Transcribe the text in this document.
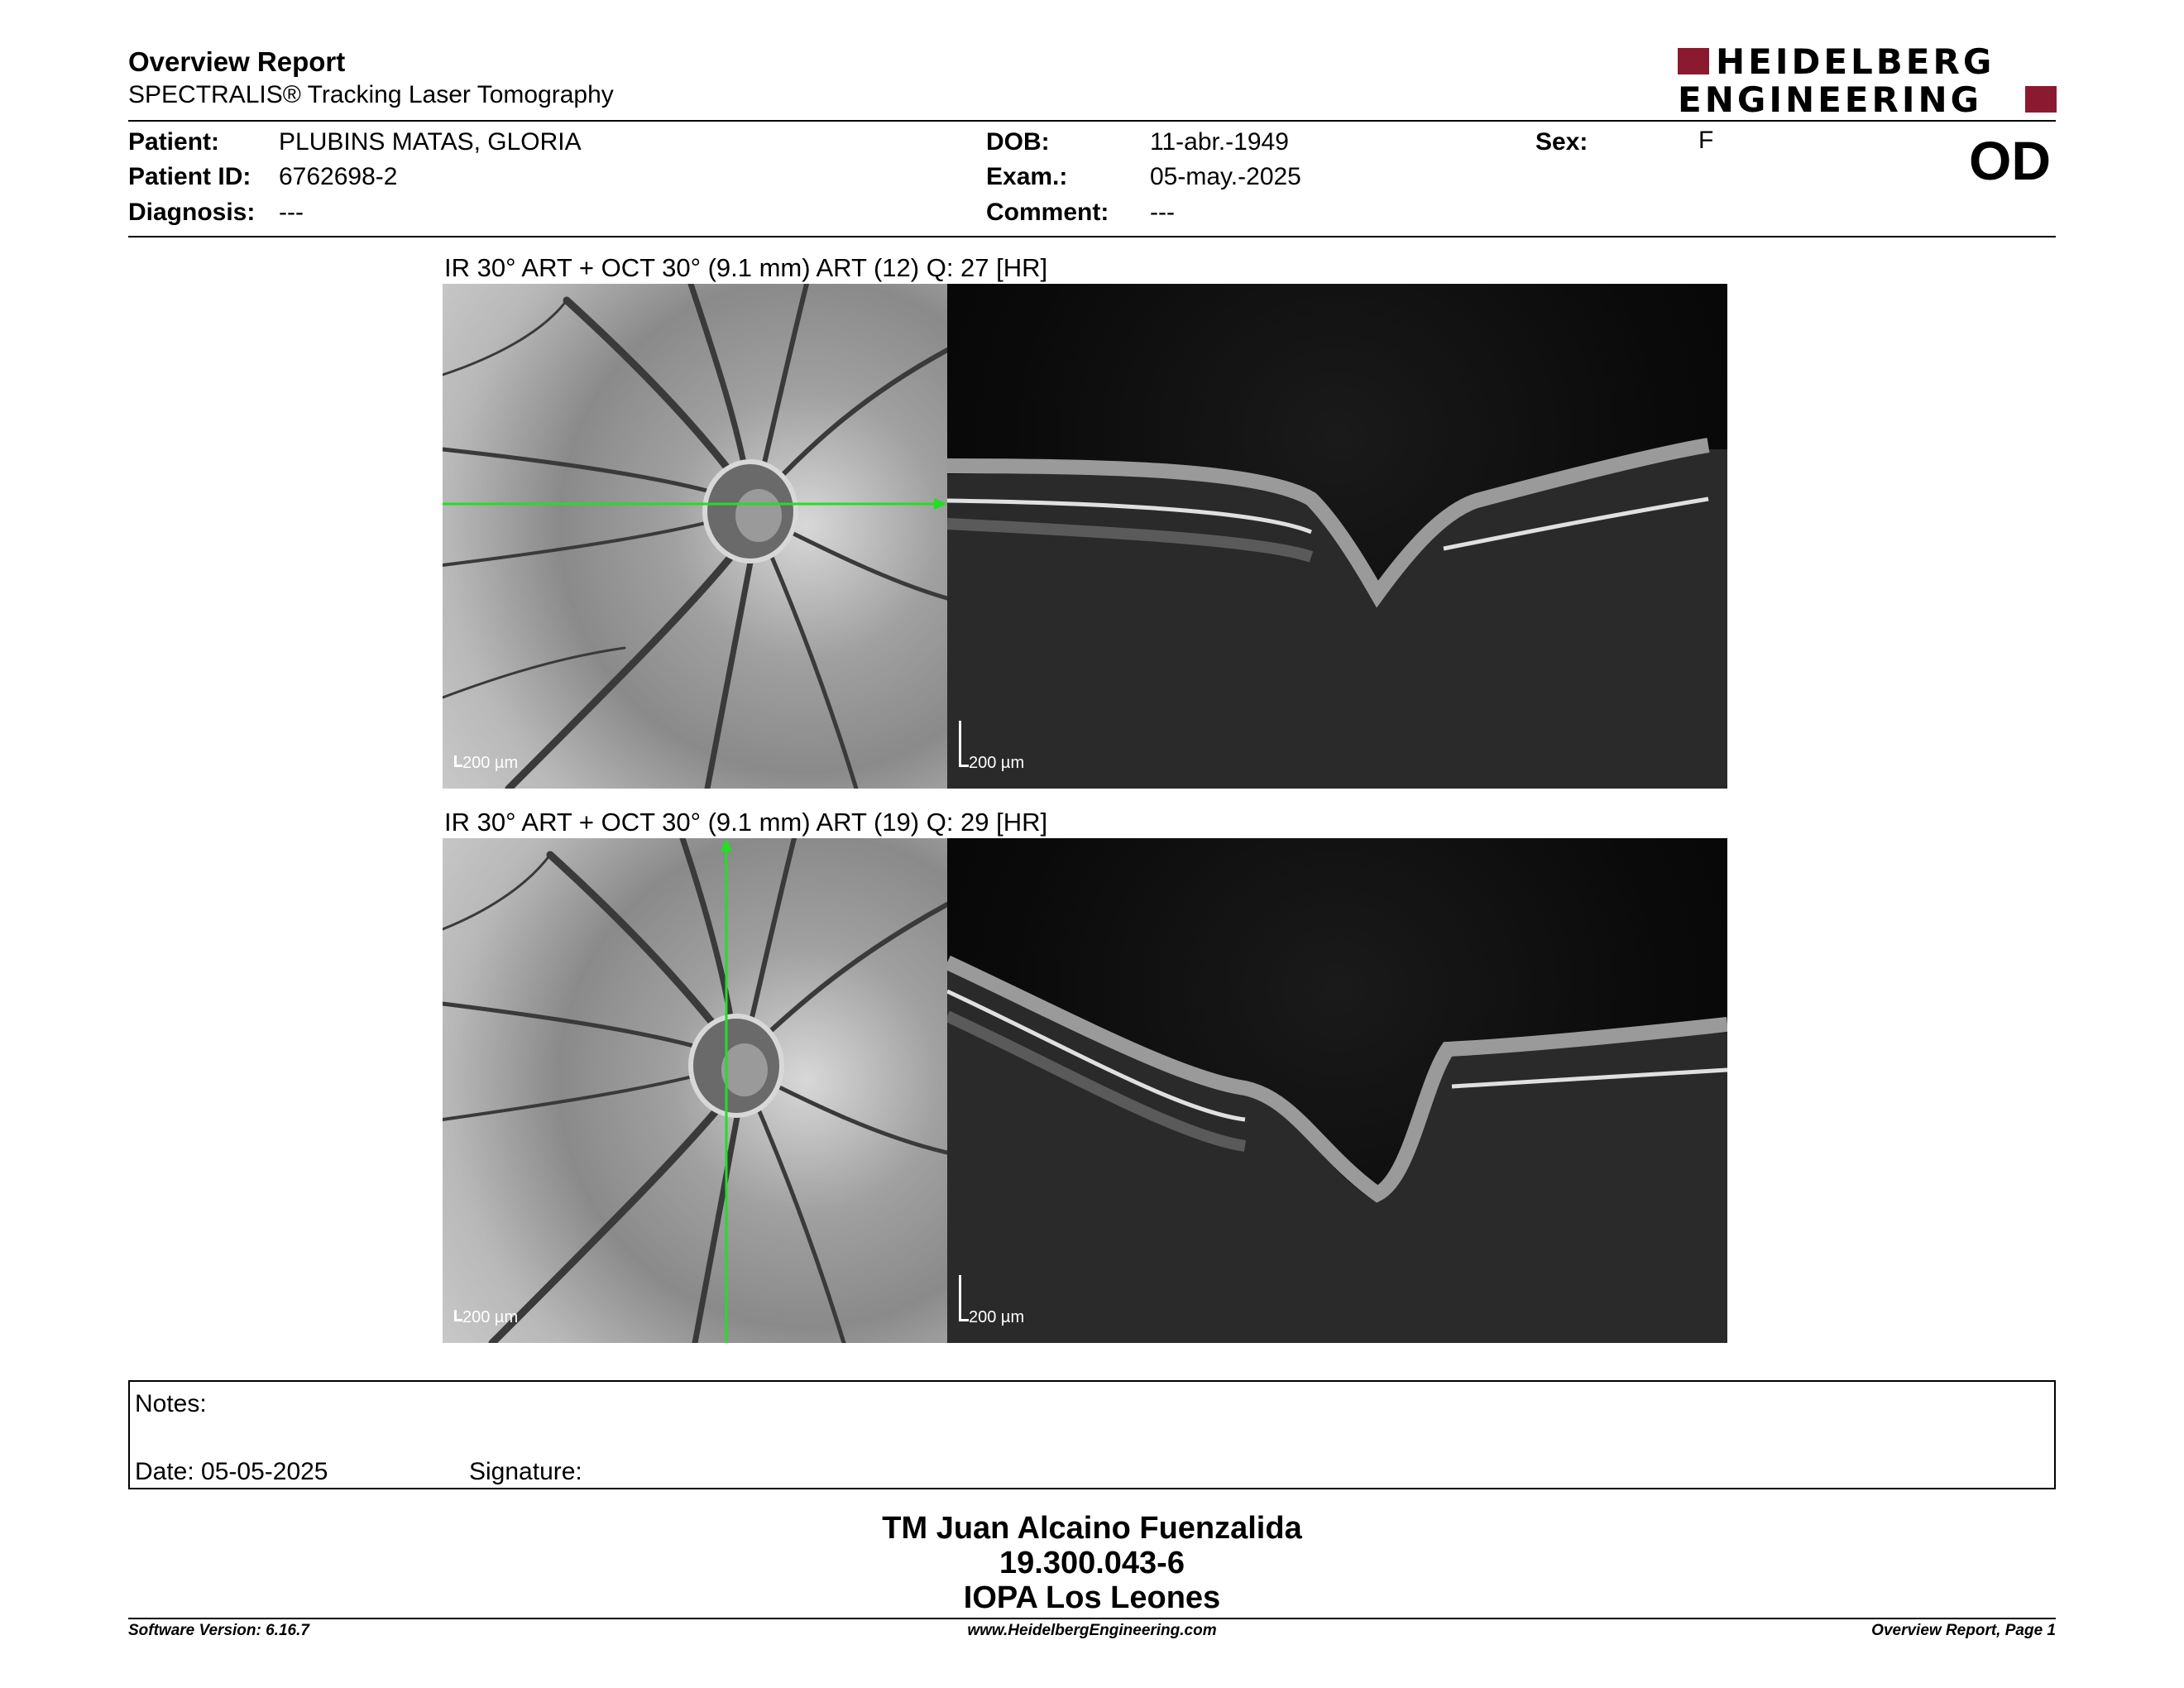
Overview Report
SPECTRALIS® Tracking Laser Tomography
HEIDELBERG
ENGINEERING
Patient: PLUBINS MATAS, GLORIA
Patient ID: 6762698-2
Diagnosis: ---
DOB:	11-abr.-1949
Exam.:	05-may.-2025
Comment: ---
Sex:	F	OD
IR 30° ART + OCT 30° (9.1 mm) ART (12) Q: 27 [HR]
200 µm	200 µm
IR 30° ART + OCT 30° (9.1 mm) ART (19) Q: 29 [HR]
200 µm	200 µm
Notes:
Date: 05-05-2025	Signature:
TM Juan Alcaino Fuenzalida
19.300.043-6
IOPA Los Leones
Software Version: 6.16.7	www.HeidelbergEngineering.com	Overview Report, Page 1
